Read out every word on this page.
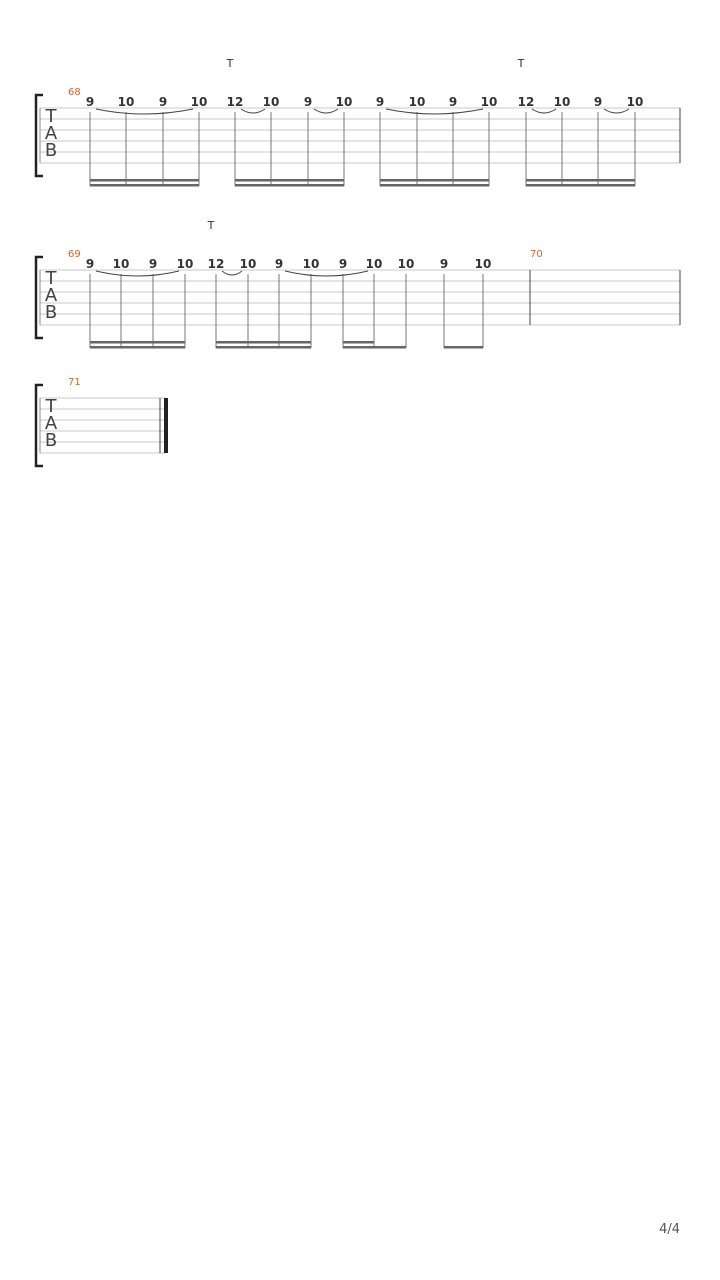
T
A
B
68
9 10 9 10 12 10 9 10 9 10 9 10 12 10 9 10
T	T
T
A
B
69
9 10 9 10 12 10 9 10 9 10 10 9 10
T
70
T
A
B
71
4/4
